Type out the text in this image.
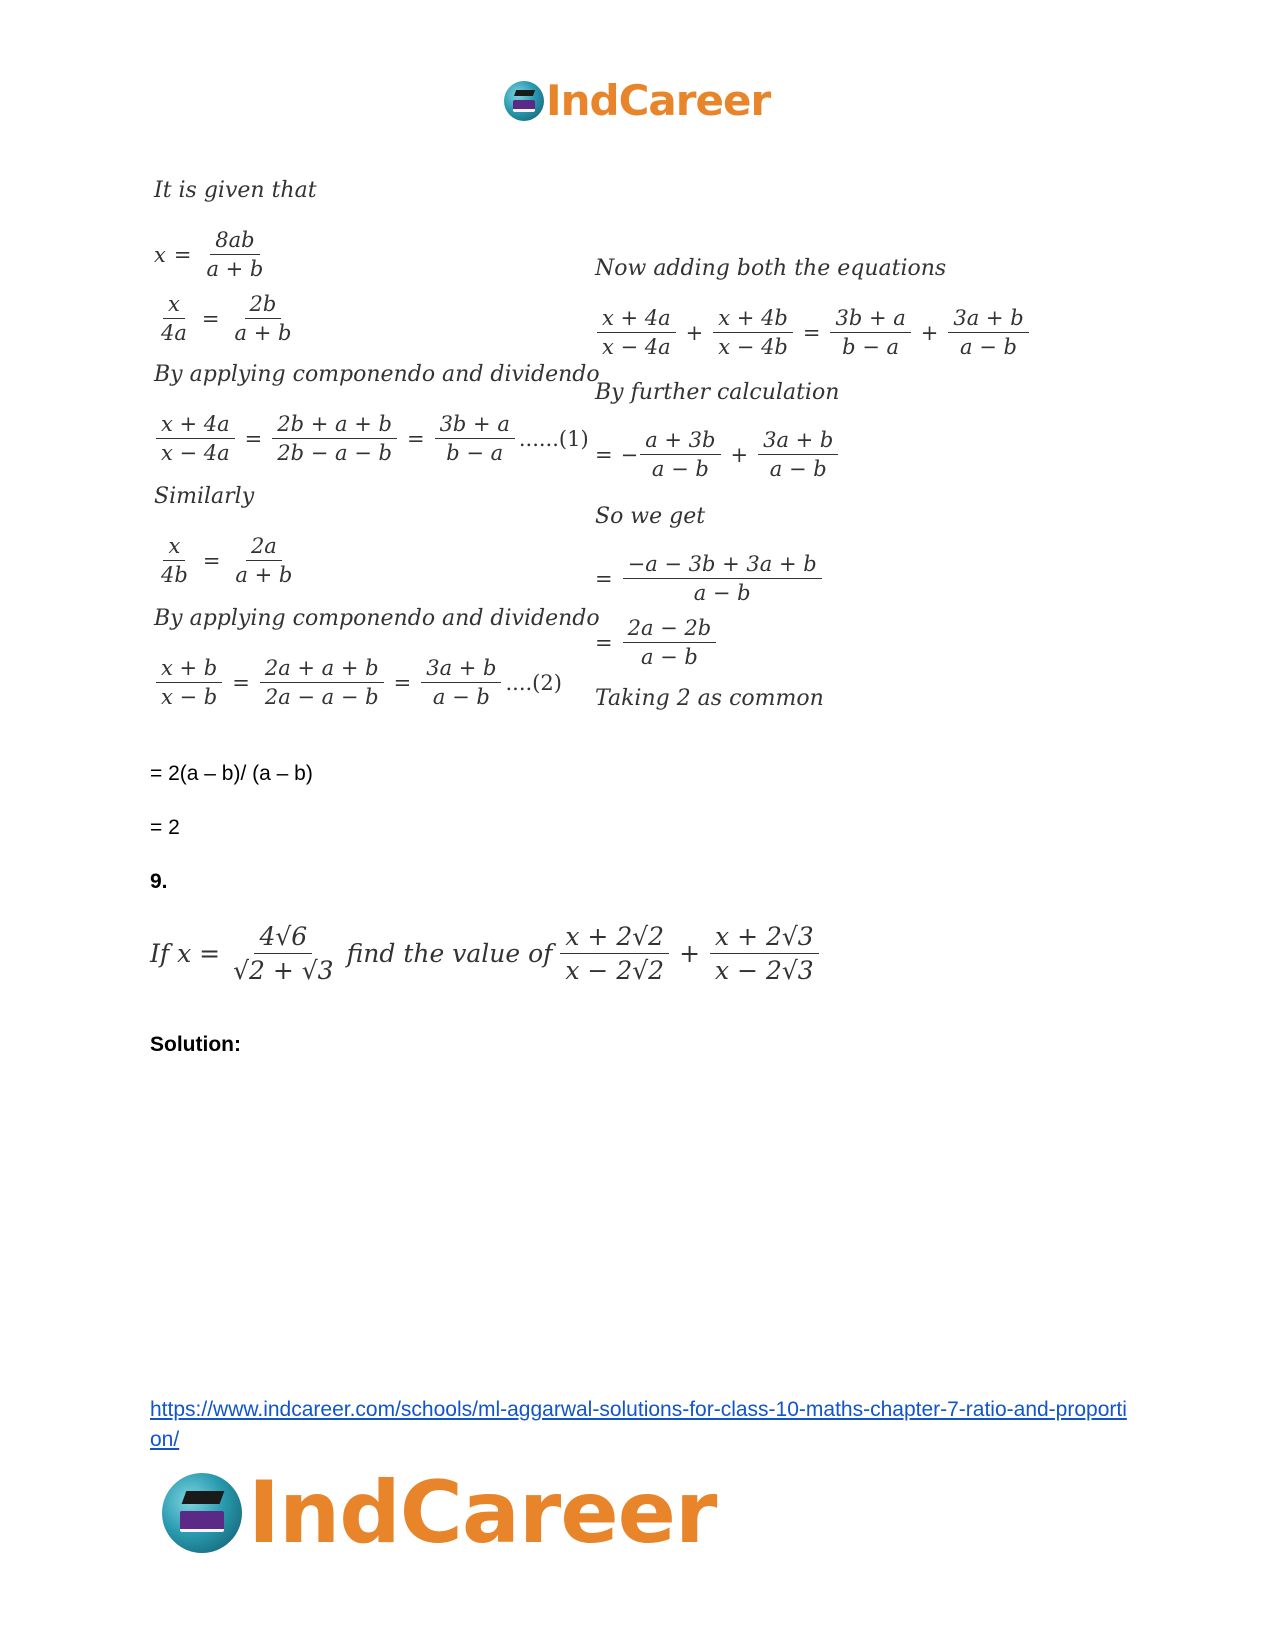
IndCareer
It is given that
$x = \frac{8ab}{a + b}$
$\frac{x}{4a} = \frac{2b}{a + b}$
By applying componendo and dividendo
$\frac{x + 4a}{x - 4a} = \frac{2b + a + b}{2b - a - b} = \frac{3b + a}{b - a} ......(1)$
Similarly
$\frac{x}{4b} = \frac{2a}{a + b}$
By applying componendo and dividendo
$\frac{x + b}{x - b} = \frac{2a + a + b}{2a - a - b} = \frac{3a + b}{a - b} ....(2)$
Now adding both the equations
$\frac{x + 4a}{x - 4a} + \frac{x + 4b}{x - 4b} = \frac{3b + a}{b - a} + \frac{3a + b}{a - b}$
By further calculation
= − $\frac{a + 3b}{a - b} + \frac{3a + b}{a - b}$
So we get
= $\frac{-a - 3b + 3a + b}{a - b}$
= $\frac{2a - 2b}{a - b}$
Taking 2 as common
= 2(a – b)/ (a – b)
= 2
9.
If $x = \frac{4√6}{√2 + √3}$ find the value of $\frac{x + 2√2}{x - 2√2} + \frac{x + 2√3}{x - 2√3}$
Solution:
https://www.indcareer.com/schools/ml-aggarwal-solutions-for-class-10-maths-chapter-7-ratio-and-proportion/
IndCareer
